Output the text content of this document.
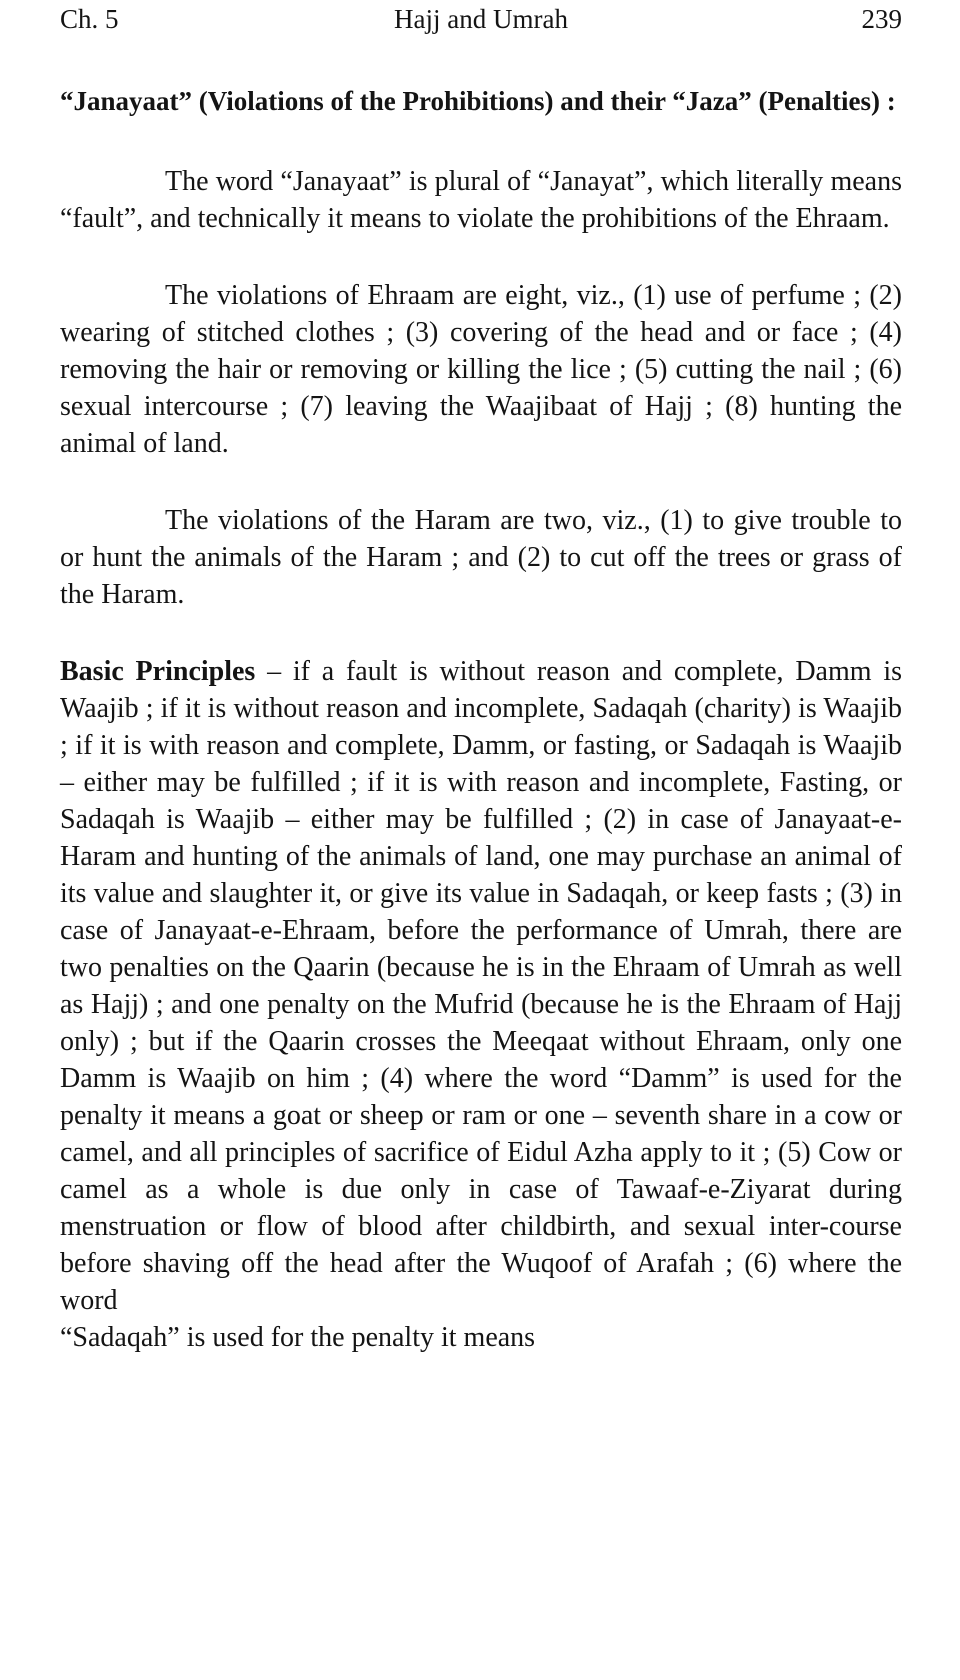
Ch. 5	Hajj and Umrah	239
“Janayaat” (Violations of the Prohibitions) and their “Jaza” (Penalties) :

The word “Janayaat” is plural of “Janayat”, which literally means “fault”, and technically it means to violate the prohibitions of the Ehraam.

The violations of Ehraam are eight, viz., (1) use of perfume ; (2) wearing of stitched clothes ; (3) covering of the head and or face ; (4) removing the hair or removing or killing the lice ; (5) cutting the nail ; (6) sexual intercourse ; (7) leaving the Waajibaat of Hajj ; (8) hunting the animal of land.

The violations of the Haram are two, viz., (1) to give trouble to or hunt the animals of the Haram ; and (2) to cut off the trees or grass of the Haram.

Basic Principles – if a fault is without reason and complete, Damm is Waajib ; if it is without reason and incomplete, Sadaqah (charity) is Waajib ; if it is with reason and complete, Damm, or fasting, or Sadaqah is Waajib – either may be fulfilled ; if it is with reason and incomplete, Fasting, or Sadaqah is Waajib – either may be fulfilled ; (2) in case of Janayaat-e-Haram and hunting of the animals of land, one may purchase an animal of its value and slaughter it, or give its value in Sadaqah, or keep fasts ; (3) in case of Janayaat-e-Ehraam, before the performance of Umrah, there are two penalties on the Qaarin (because he is in the Ehraam of Umrah as well as Hajj) ; and one penalty on the Mufrid (because he is the Ehraam of Hajj only) ; but if the Qaarin crosses the Meeqaat without Ehraam, only one Damm is Waajib on him ; (4) where the word “Damm” is used for the penalty it means a goat or sheep or ram or one – seventh share in a cow or camel, and all principles of sacrifice of Eidul Azha apply to it ; (5) Cow or camel as a whole is due only in case of Tawaaf-e-Ziyarat during menstruation or flow of blood after childbirth, and sexual inter-course before shaving off the head after the Wuqoof of Arafah ; (6) where the word

“Sadaqah” is used for the penalty it means
